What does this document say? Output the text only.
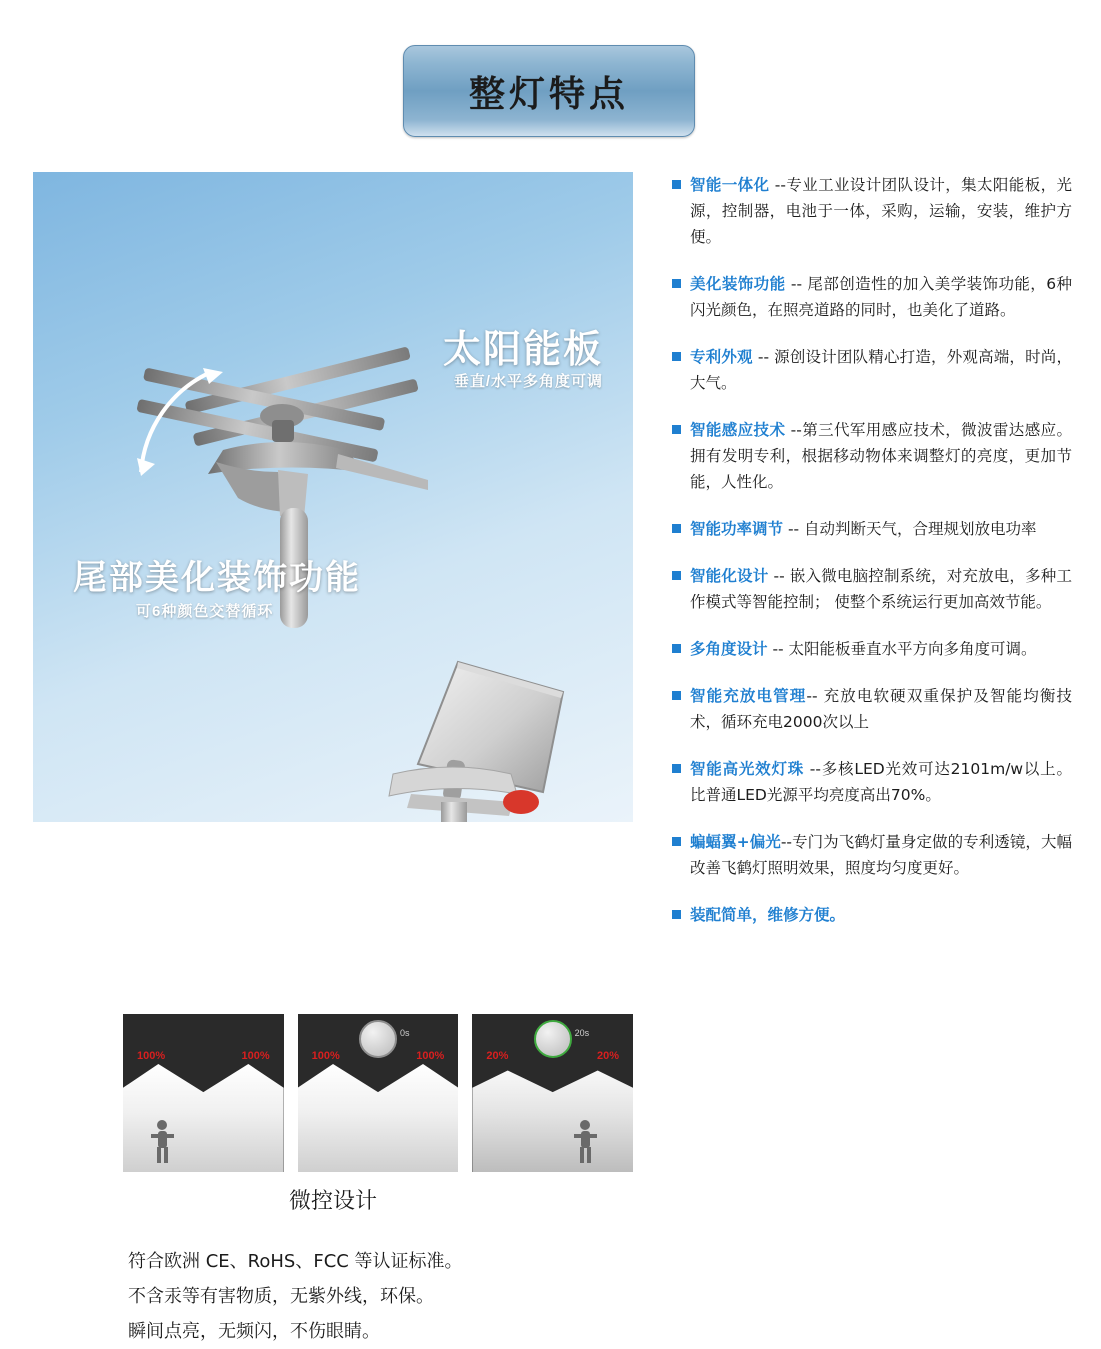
整灯特点
太阳能板
垂直/水平多角度可调
尾部美化装饰功能
可6种颜色交替循环
100%	100%	100%	100%
0s
20%	20%
20s
微控设计
符合欧洲 CE、RoHS、FCC 等认证标准。
不含汞等有害物质，无紫外线，环保。
瞬间点亮，无频闪，不伤眼睛。
智能一体化 --专业工业设计团队设计，集太阳能板，光源，控制器，电池于一体，采购，运输，安装，维护方便。
美化装饰功能 -- 尾部创造性的加入美学装饰功能，6种闪光颜色，在照亮道路的同时，也美化了道路。
专利外观 -- 源创设计团队精心打造，外观高端，时尚，大气。
智能感应技术 --第三代军用感应技术，微波雷达感应。拥有发明专利，根据移动物体来调整灯的亮度，更加节能，人性化。
智能功率调节 -- 自动判断天气，合理规划放电功率
智能化设计 -- 嵌入微电脑控制系统，对充放电，多种工作模式等智能控制； 使整个系统运行更加高效节能。
多角度设计 -- 太阳能板垂直水平方向多角度可调。
智能充放电管理-- 充放电软硬双重保护及智能均衡技术，循环充电2000次以上
智能高光效灯珠 --多核LED光效可达2101m/w以上。比普通LED光源平均亮度高出70%。
蝙蝠翼+偏光--专门为飞鹤灯量身定做的专利透镜，大幅改善飞鹤灯照明效果，照度均匀度更好。
装配简单，维修方便。
